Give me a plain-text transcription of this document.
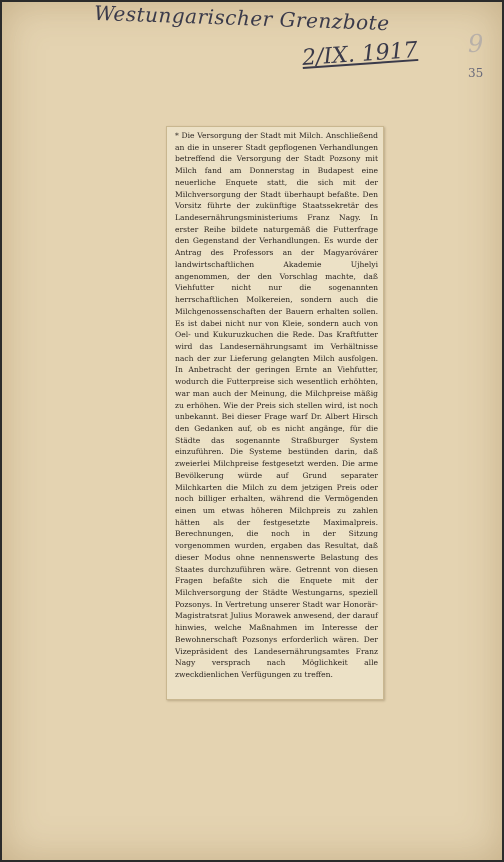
Westungarischer Grenzbote
2/IX. 1917 9
35

* Die Versorgung der Stadt mit Milch. Anschließend an die in unserer Stadt gepflogenen Verhandlungen betreffend die Versorgung der Stadt Pozsony mit Milch fand am Donnerstag in Budapest eine neuerliche Enquete statt, die sich mit der Milchversorgung der Stadt überhaupt befaßte. Den Vorsitz führte der zukünftige Staatssekretär des Landesernährungsministeriums Franz Nagy. In erster Reihe bildete naturgemäß die Futterfrage den Gegenstand der Verhandlungen. Es wurde der Antrag des Professors an der Magyaróvárer landwirtschaftlichen Akademie Ujhelyi angenommen, der den Vorschlag machte, daß Viehfutter nicht nur die sogenannten herrschaftlichen Molkereien, sondern auch die Milchgenossenschaften der Bauern erhalten sollen. Es ist dabei nicht nur von Kleie, sondern auch von Oel- und Kukuruzkuchen die Rede. Das Kraftfutter wird das Landesernährungsamt im Verhältnisse nach der zur Lieferung gelangten Milch ausfolgen. In Anbetracht der geringen Ernte an Viehfutter, wodurch die Futterpreise sich wesentlich erhöhten, war man auch der Meinung, die Milchpreise mäßig zu erhöhen. Wie der Preis sich stellen wird, ist noch unbekannt. Bei dieser Frage warf Dr. Albert Hirsch den Gedanken auf, ob es nicht angänge, für die Städte das sogenannte Straßburger System einzuführen. Die Systeme bestünden darin, daß zweierlei Milchpreise festgesetzt werden. Die arme Bevölkerung würde auf Grund separater Milchkarten die Milch zu dem jetzigen Preis oder noch billiger erhalten, während die Vermögenden einen um etwas höheren Milchpreis zu zahlen hätten als der festgesetzte Maximalpreis. Berechnungen, die noch in der Sitzung vorgenommen wurden, ergaben das Resultat, daß dieser Modus ohne nennenswerte Belastung des Staates durchzuführen wäre. Getrennt von diesen Fragen befaßte sich die Enquete mit der Milchversorgung der Städte Westungarns, speziell Pozsonys. In Vertretung unserer Stadt war Honorär-Magistratsrat Julius Morawek anwesend, der darauf hinwies, welche Maßnahmen im Interesse der Bewohnerschaft Pozsonys erforderlich wären. Der Vizepräsident des Landesernährungsamtes Franz Nagy versprach nach Möglichkeit alle zweckdienlichen Verfügungen zu treffen.
